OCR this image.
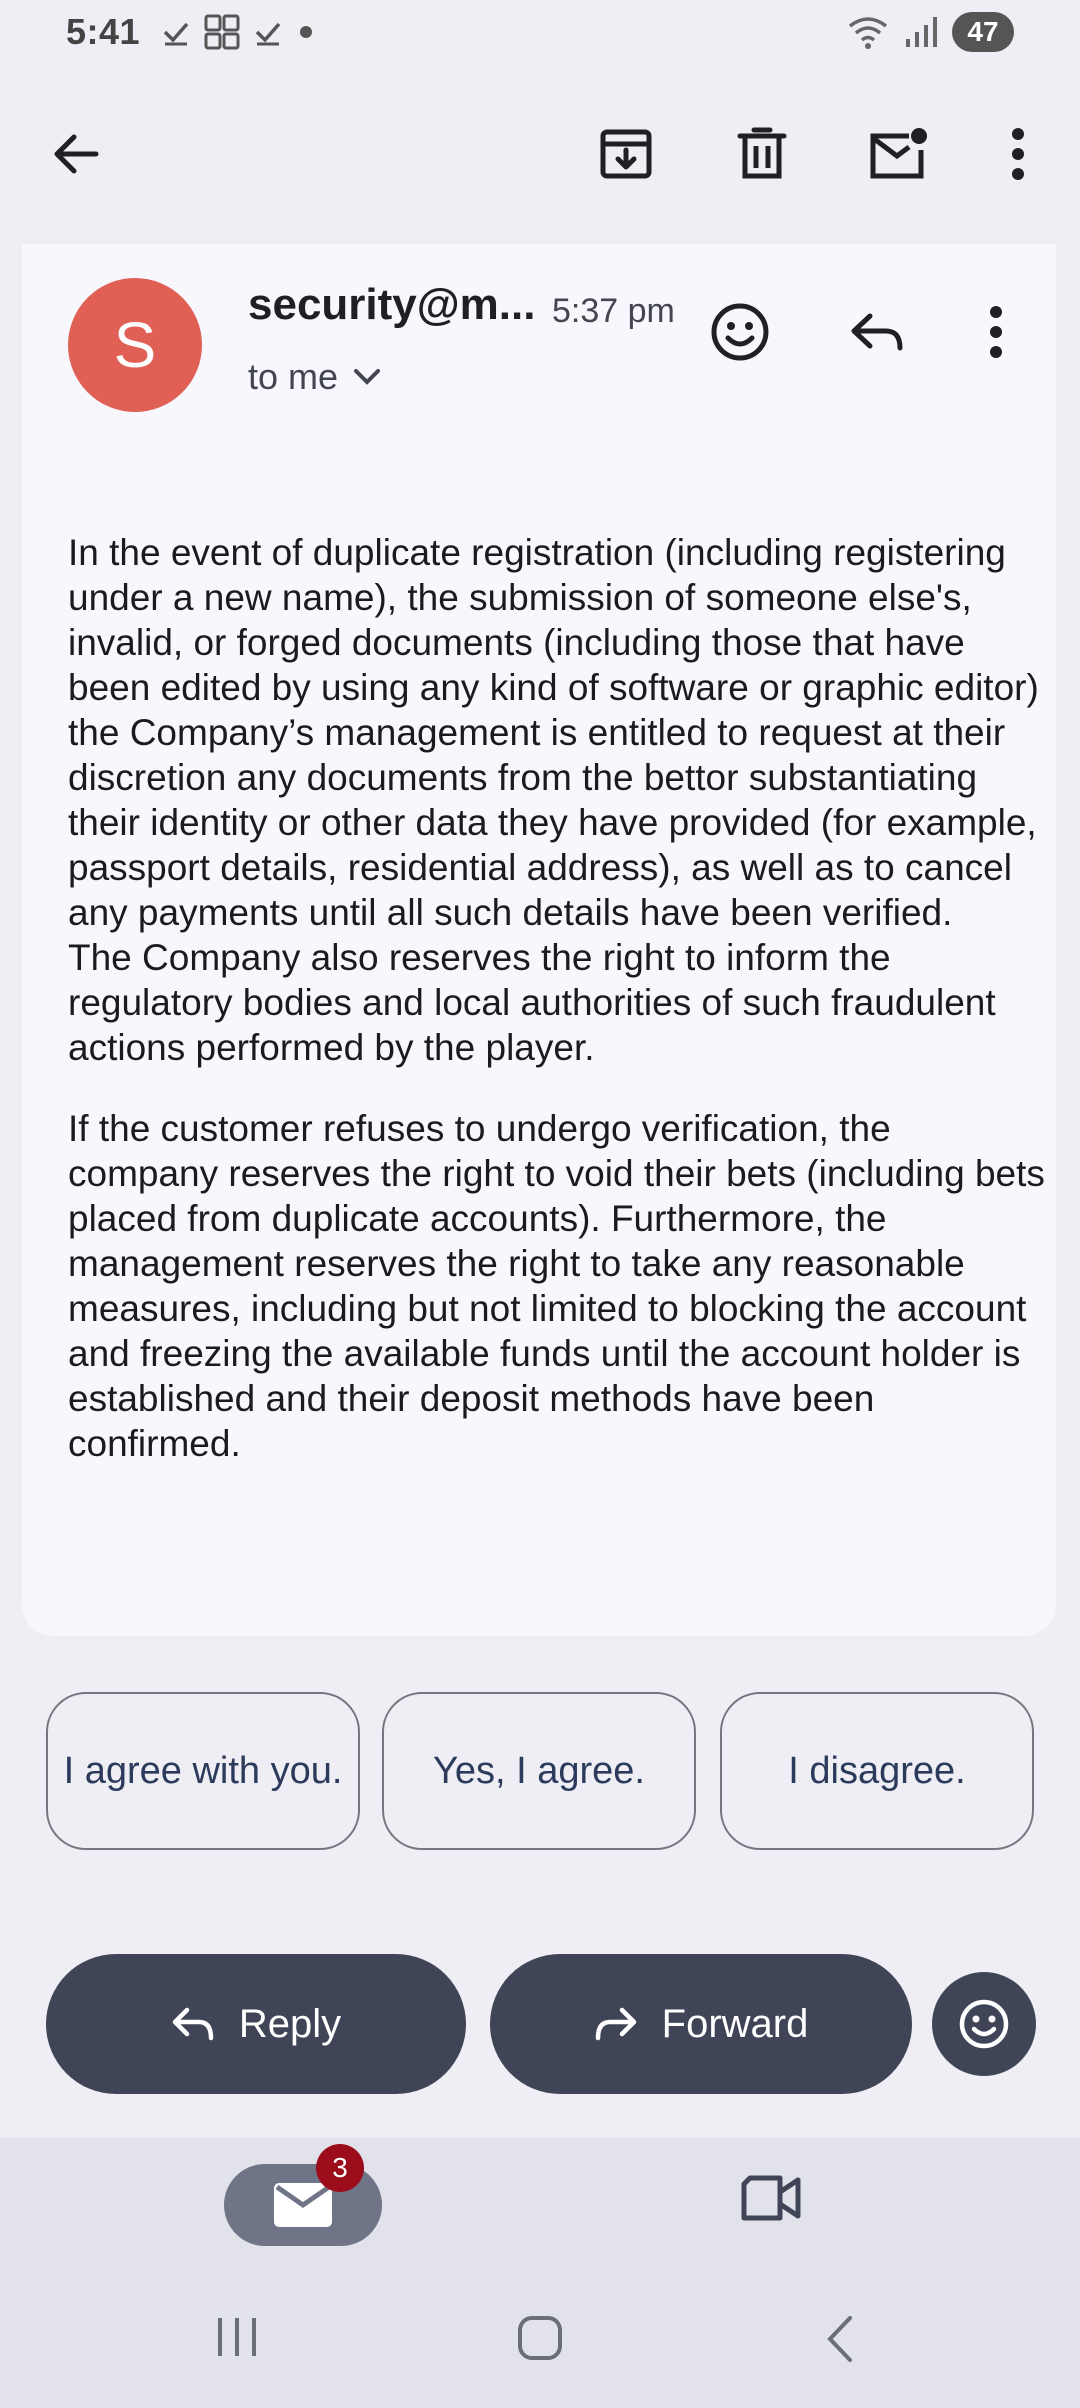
5:41	47
S
security@m... 5:37 pm
to me

In the event of duplicate registration (including registering under a new name), the submission of someone else's, invalid, or forged documents (including those that have been edited by using any kind of software or graphic editor) the Company’s management is entitled to request at their discretion any documents from the bettor substantiating their identity or other data they have provided (for example, passport details, residential address), as well as to cancel any payments until all such details have been verified.
The Company also reserves the right to inform the regulatory bodies and local authorities of such fraudulent actions performed by the player.

If the customer refuses to undergo verification, the company reserves the right to void their bets (including bets placed from duplicate accounts). Furthermore, the management reserves the right to take any reasonable measures, including but not limited to blocking the account and freezing the available funds until the account holder is established and their deposit methods have been confirmed.

I agree with you.	Yes, I agree.	I disagree.
Reply	Forward
3
